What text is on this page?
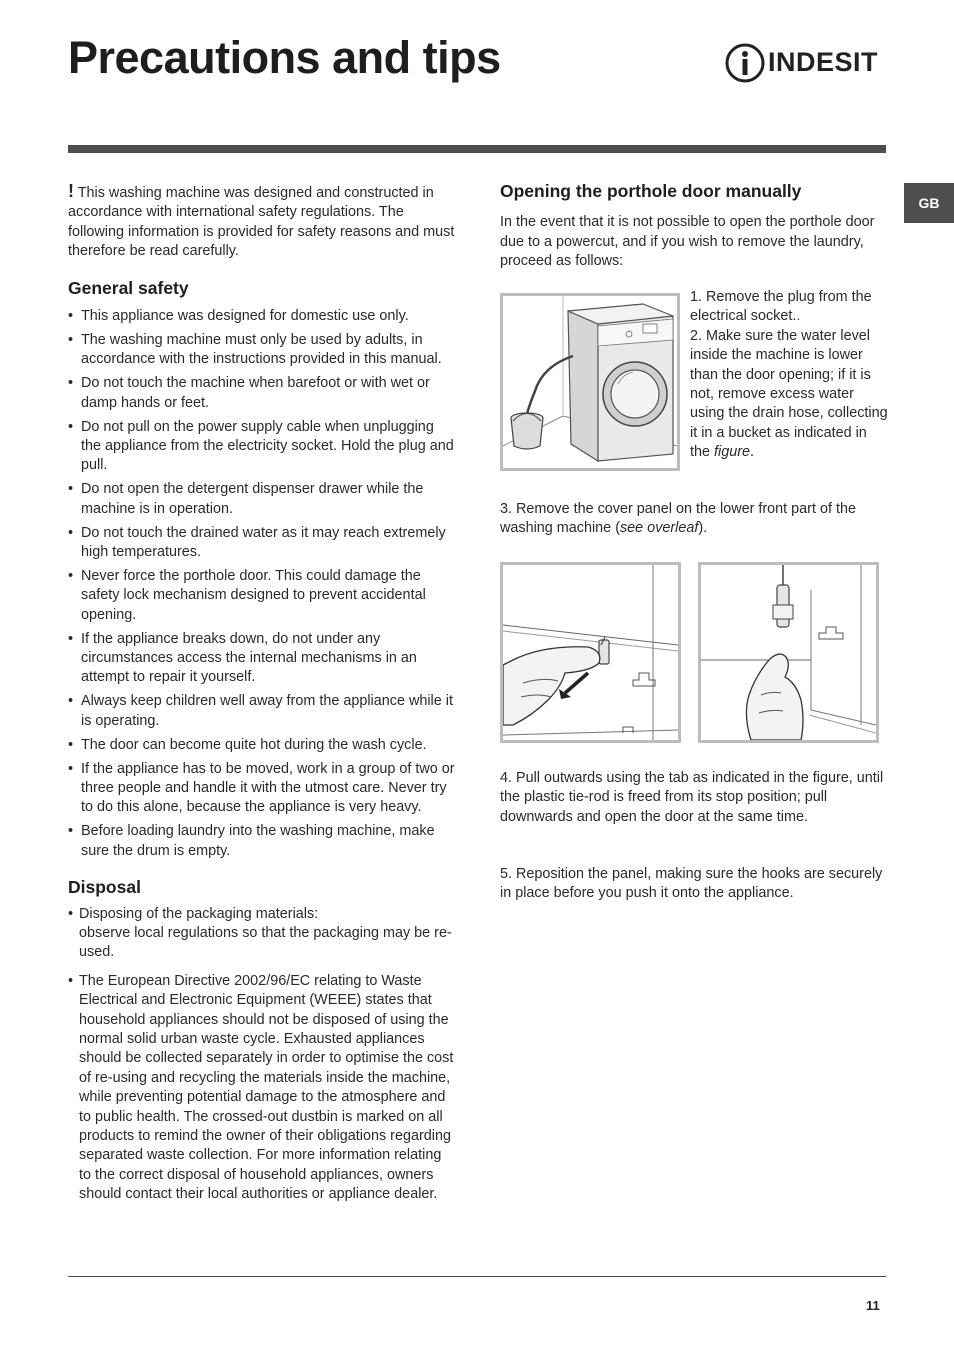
Precautions and tips	INDESIT
GB

! This washing machine was designed and constructed in accordance with international safety regulations. The following information is provided for safety reasons and must therefore be read carefully.

General safety
• This appliance was designed for domestic use only.
• The washing machine must only be used by adults, in accordance with the instructions provided in this manual.
• Do not touch the machine when barefoot or with wet or damp hands or feet.
• Do not pull on the power supply cable when unplugging the appliance from the electricity socket. Hold the plug and pull.
• Do not open the detergent dispenser drawer while the machine is in operation.
• Do not touch the drained water as it may reach extremely high temperatures.
• Never force the porthole door. This could damage the safety lock mechanism designed to prevent accidental opening.
• If the appliance breaks down, do not under any circumstances access the internal mechanisms in an attempt to repair it yourself.
• Always keep children well away from the appliance while it is operating.
• The door can become quite hot during the wash cycle.
• If the appliance has to be moved, work in a group of two or three people and handle it with the utmost care. Never try to do this alone, because the appliance is very heavy.
• Before loading laundry into the washing machine, make sure the drum is empty.
Disposal
• Disposing of the packaging materials:
observe local regulations so that the packaging may be re-used.
• The European Directive 2002/96/EC relating to Waste Electrical and Electronic Equipment (WEEE) states that household appliances should not be disposed of using the normal solid urban waste cycle. Exhausted appliances should be collected separately in order to optimise the cost of re-using and recycling the materials inside the machine, while preventing potential damage to the atmosphere and to public health. The crossed-out dustbin is marked on all products to remind the owner of their obligations regarding separated waste collection. For more information relating to the correct disposal of household appliances, owners should contact their local authorities or appliance dealer.
Opening the porthole door manually

In the event that it is not possible to open the porthole door due to a powercut, and if you wish to remove the laundry, proceed as follows:

1. Remove the plug from the electrical socket..

2. Make sure the water level inside the machine is lower than the door opening; if it is not, remove excess water using the drain hose, collecting it in a bucket as indicated in the figure.

3. Remove the cover panel on the lower front part of the washing machine (see overleaf).

4. Pull outwards using the tab as indicated in the figure, until the plastic tie-rod is freed from its stop position; pull downwards and open the door at the same time.

5. Reposition the panel, making sure the hooks are securely in place before you push it onto the appliance.

11
